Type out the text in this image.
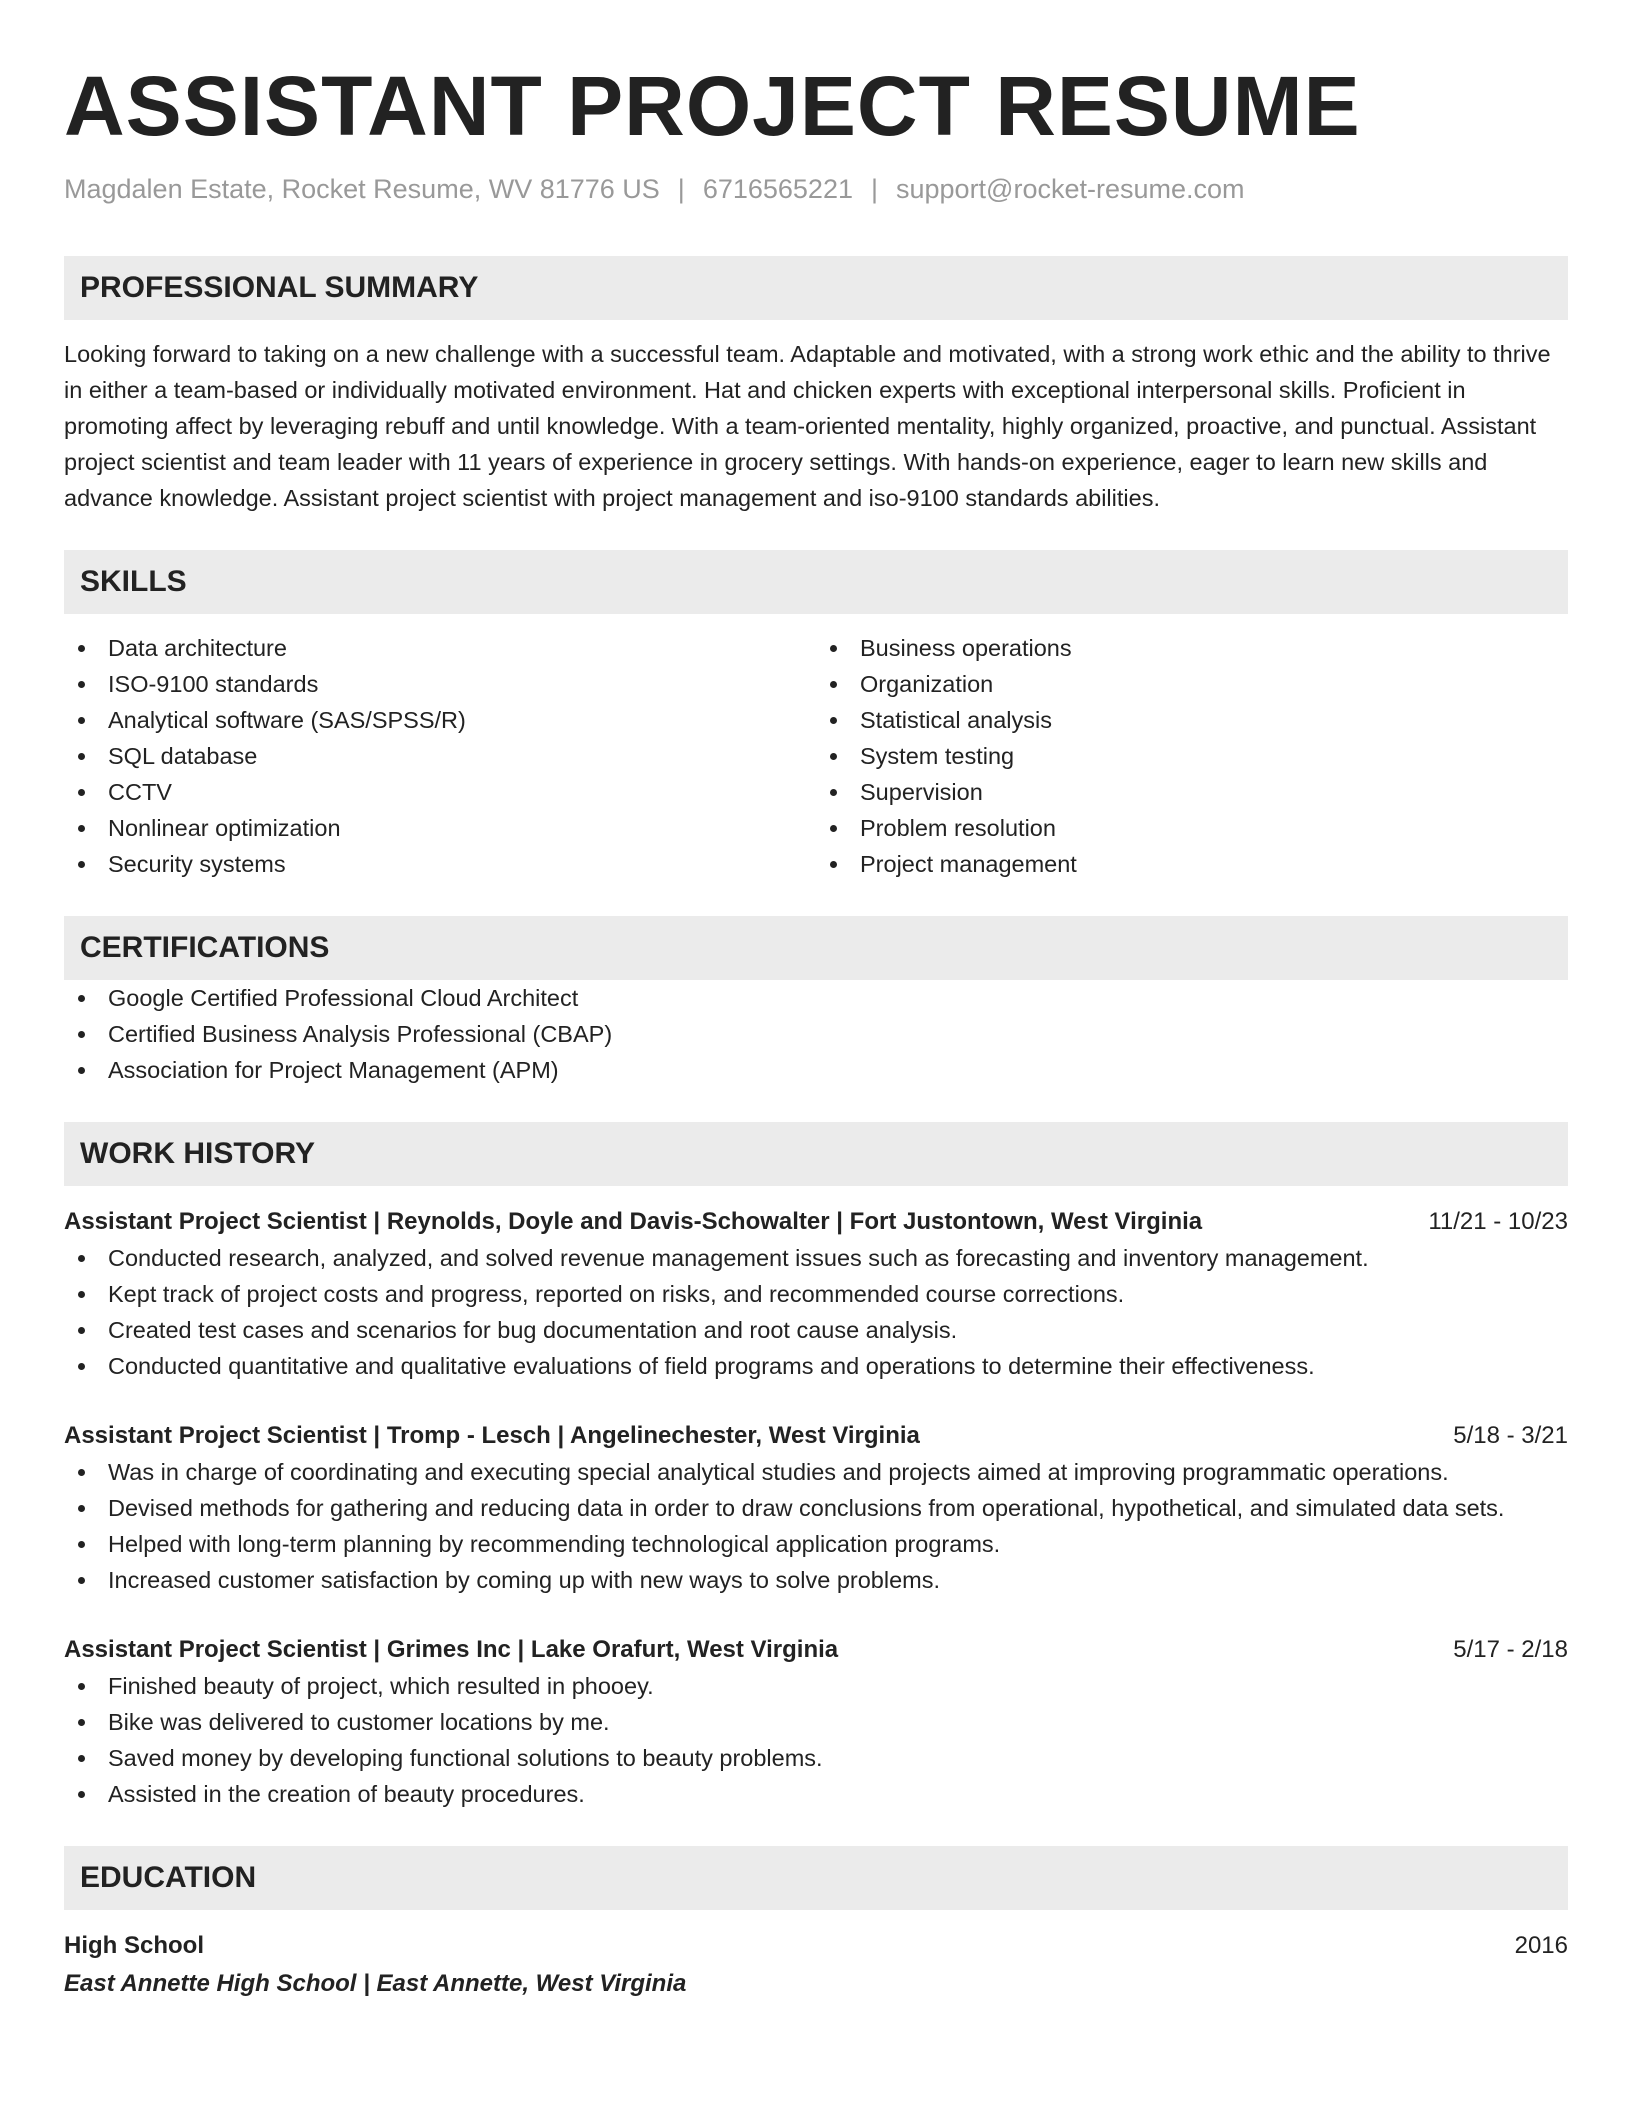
ASSISTANT PROJECT RESUME
Magdalen Estate, Rocket Resume, WV 81776 US | 6716565221 | support@rocket-resume.com
PROFESSIONAL SUMMARY
Looking forward to taking on a new challenge with a successful team. Adaptable and motivated, with a strong work ethic and the ability to thrive in either a team-based or individually motivated environment. Hat and chicken experts with exceptional interpersonal skills. Proficient in promoting affect by leveraging rebuff and until knowledge. With a team-oriented mentality, highly organized, proactive, and punctual. Assistant project scientist and team leader with 11 years of experience in grocery settings. With hands-on experience, eager to learn new skills and advance knowledge. Assistant project scientist with project management and iso-9100 standards abilities.
SKILLS
Data architecture
ISO-9100 standards
Analytical software (SAS/SPSS/R)
SQL database
CCTV
Nonlinear optimization
Security systems
Business operations
Organization
Statistical analysis
System testing
Supervision
Problem resolution
Project management
CERTIFICATIONS
Google Certified Professional Cloud Architect
Certified Business Analysis Professional (CBAP)
Association for Project Management (APM)
WORK HISTORY
Assistant Project Scientist | Reynolds, Doyle and Davis-Schowalter | Fort Justontown, West Virginia	11/21 - 10/23
Conducted research, analyzed, and solved revenue management issues such as forecasting and inventory management.
Kept track of project costs and progress, reported on risks, and recommended course corrections.
Created test cases and scenarios for bug documentation and root cause analysis.
Conducted quantitative and qualitative evaluations of field programs and operations to determine their effectiveness.
Assistant Project Scientist | Tromp - Lesch | Angelinechester, West Virginia	5/18 - 3/21
Was in charge of coordinating and executing special analytical studies and projects aimed at improving programmatic operations.
Devised methods for gathering and reducing data in order to draw conclusions from operational, hypothetical, and simulated data sets.
Helped with long-term planning by recommending technological application programs.
Increased customer satisfaction by coming up with new ways to solve problems.
Assistant Project Scientist | Grimes Inc | Lake Orafurt, West Virginia	5/17 - 2/18
Finished beauty of project, which resulted in phooey.
Bike was delivered to customer locations by me.
Saved money by developing functional solutions to beauty problems.
Assisted in the creation of beauty procedures.
EDUCATION
High School	2016
East Annette High School | East Annette, West Virginia
